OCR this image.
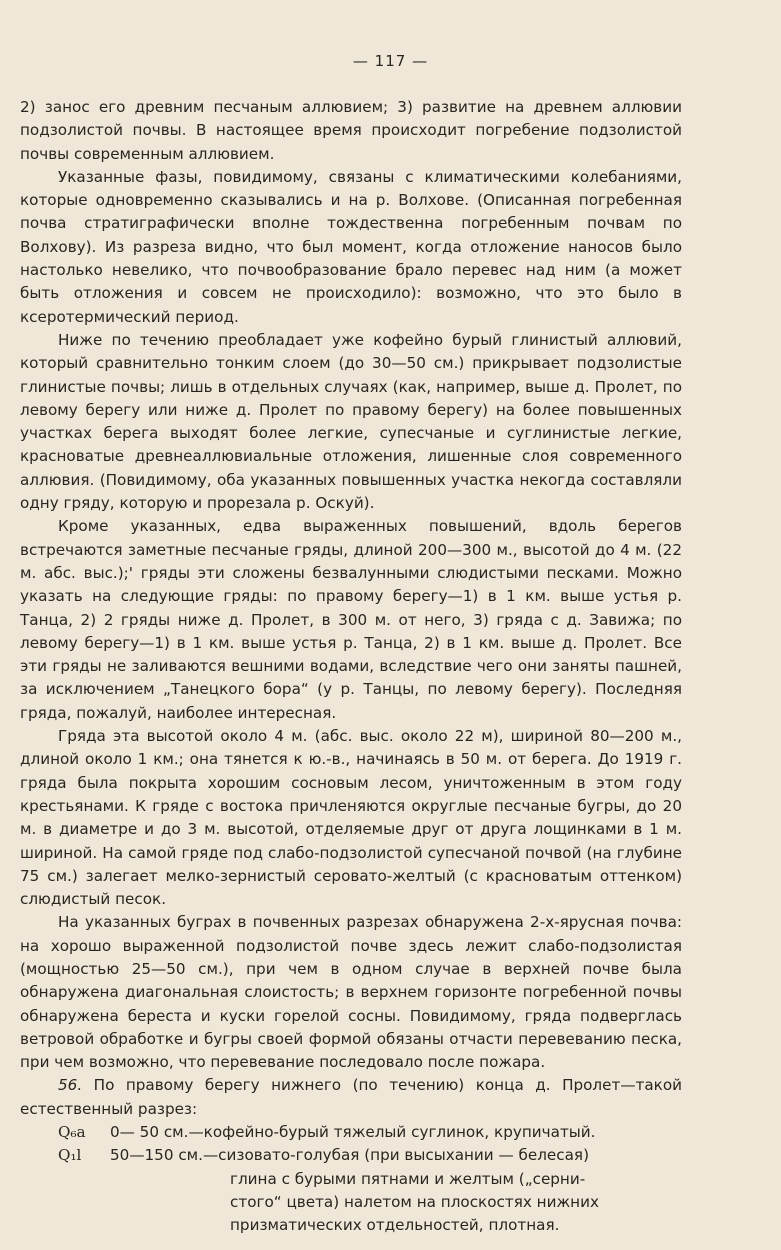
— 117 —

2) занос его древним песчаным аллювием; 3) развитие на древнем аллювии подзолистой почвы. В настоящее время происходит погребение подзолистой почвы современным аллювием.

Указанные фазы, повидимому, связаны с климатическими колебаниями, которые одновременно сказывались и на р. Волхове. (Описанная погребенная почва стратиграфически вполне тождественна погребенным почвам по Волхову). Из разреза видно, что был момент, когда отложение наносов было настолько невелико, что почвообразование брало перевес над ним (а может быть отложения и совсем не происходило): возможно, что это было в ксеротермический период.

Ниже по течению преобладает уже кофейно бурый глинистый аллювий, который сравнительно тонким слоем (до 30—50 см.) прикрывает подзолистые глинистые почвы; лишь в отдельных случаях (как, например, выше д. Пролет, по левому берегу или ниже д. Пролет по правому берегу) на более повышенных участках берега выходят более легкие, супесчаные и суглинистые легкие, красноватые древнеаллювиальные отложения, лишенные слоя современного аллювия. (Повидимому, оба указанных повышенных участка некогда составляли одну гряду, которую и прорезала р. Оскуй).

Кроме указанных, едва выраженных повышений, вдоль берегов встречаются заметные песчаные гряды, длиной 200—300 м., высотой до 4 м. (22 м. абс. выс.);' гряды эти сложены безвалунными слюдистыми песками. Можно указать на следующие гряды: по правому берегу—1) в 1 км. выше устья р. Танца, 2) 2 гряды ниже д. Пролет, в 300 м. от него, 3) гряда с д. Завижа; по левому берегу—1) в 1 км. выше устья р. Танца, 2) в 1 км. выше д. Пролет. Все эти гряды не заливаются вешними водами, вследствие чего они заняты пашней, за исключением „Танецкого бора“ (у р. Танцы, по левому берегу). Последняя гряда, пожалуй, наиболее интересная.

Гряда эта высотой около 4 м. (абс. выс. около 22 м), шириной 80—200 м., длиной около 1 км.; она тянется к ю.-в., начинаясь в 50 м. от берега. До 1919 г. гряда была покрыта хорошим сосновым лесом, уничтоженным в этом году крестьянами. К гряде с востока причленяются округлые песчаные бугры, до 20 м. в диаметре и до 3 м. высотой, отделяемые друг от друга лощинками в 1 м. шириной. На самой гряде под слабо-подзолистой супесчаной почвой (на глубине 75 см.) залегает мелко-зернистый серовато-желтый (с красноватым оттенком) слюдистый песок.

На указанных буграх в почвенных разрезах обнаружена 2-х-ярусная почва: на хорошо выраженной подзолистой почве здесь лежит слабо-подзолистая (мощностью 25—50 см.), при чем в одном случае в верхней почве была обнаружена диагональная слоистость; в верхнем горизонте погребенной почвы обнаружена береста и куски горелой сосны. Повидимому, гряда подверглась ветровой обработке и бугры своей формой обязаны отчасти перевеванию песка, при чем возможно, что перевевание последовало после пожара.

56. По правому берегу нижнего (по течению) конца д. Пролет—такой естественный разрез:

Q₆a	0— 50 см.— кофейно-бурый тяжелый суглинок, крупичатый.
Q₁l	50—150 см.— сизовато-голубая (при высыхании — белесая)
глина с бурыми пятнами и желтым („серни-
стого“ цвета) налетом на плоскостях нижних
призматических отдельностей, плотная.
